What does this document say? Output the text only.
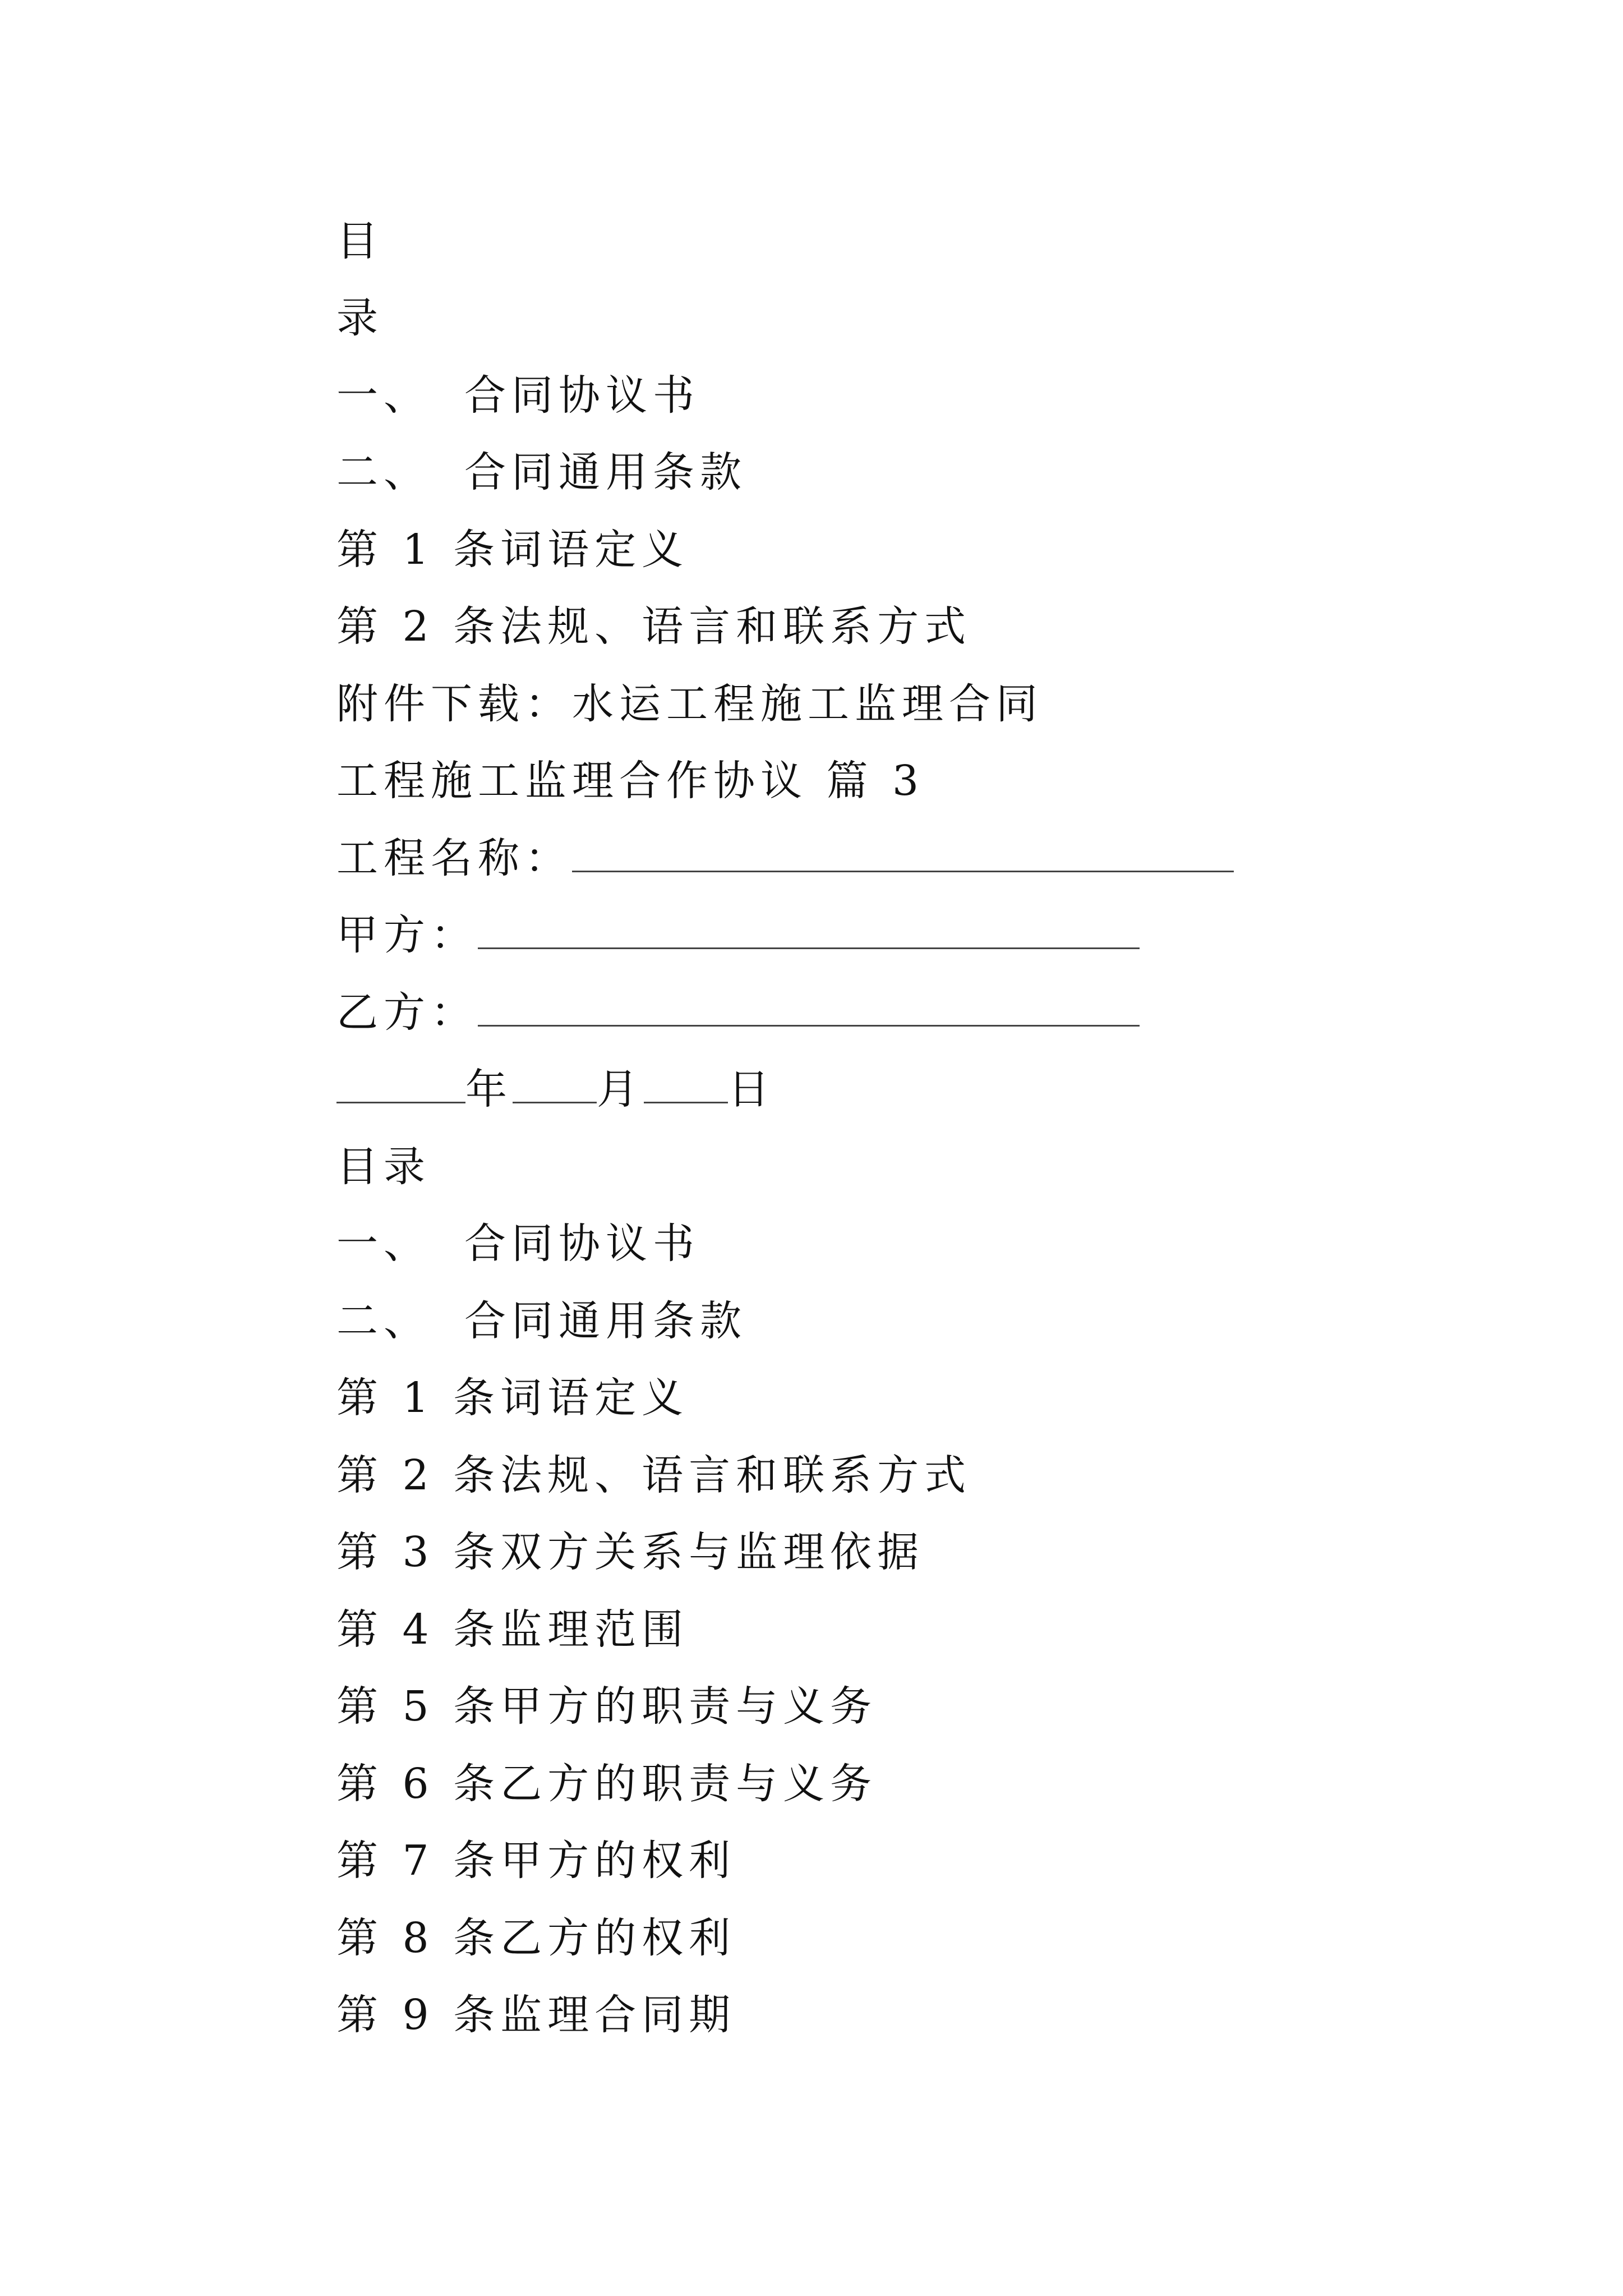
目
录
一、 合同协议书
二、 合同通用条款
第 1 条词语定义
第 2 条法规、语言和联系方式
附件下载：水运工程施工监理合同
工程施工监理合作协议 篇 3
工程名称：
甲方：
乙方：
年 月 日
目录
一、 合同协议书
二、 合同通用条款
第 1 条词语定义
第 2 条法规、语言和联系方式
第 3 条双方关系与监理依据
第 4 条监理范围
第 5 条甲方的职责与义务
第 6 条乙方的职责与义务
第 7 条甲方的权利
第 8 条乙方的权利
第 9 条监理合同期
